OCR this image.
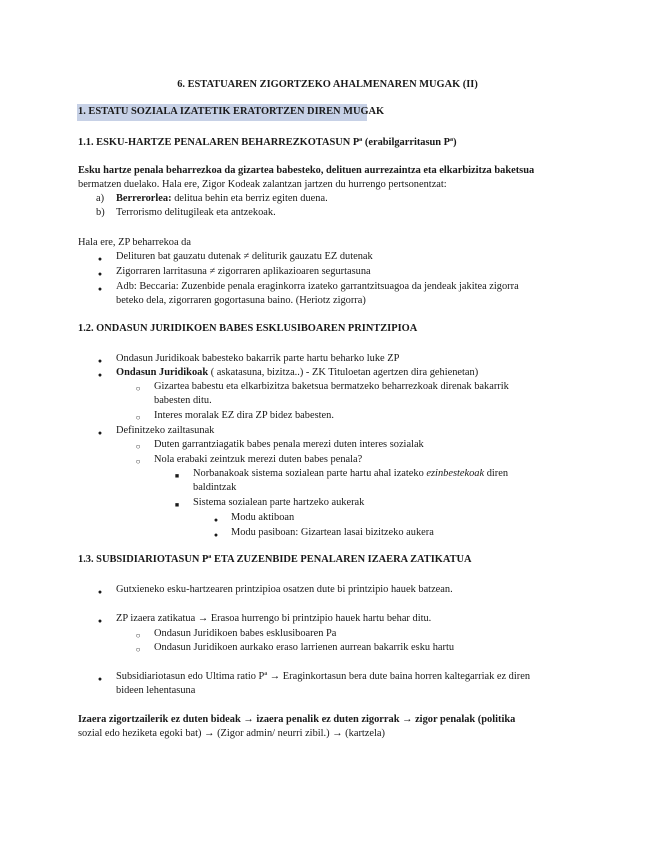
6. ESTATUAREN ZIGORTZEKO AHALMENAREN MUGAK (II)
1. ESTATU SOZIALA IZATETIK ERATORTZEN DIREN MUGAK
1.1. ESKU-HARTZE PENALAREN BEHARREZKOTASUN Pª (erabilgarritasun Pª)
Esku hartze penala beharrezkoa da gizartea babesteko, delituen aurrezaintza eta elkarbizitza baketsua
bermatzen duelako. Hala ere, Zigor Kodeak zalantzan jartzen du hurrengo pertsonentzat:
a) Berrerorlea: delitua behin eta berriz egiten duena.
b) Terrorismo delitugileak eta antzekoak.
Hala ere, ZP beharrekoa da
●
Delituren bat gauzatu dutenak ≠ deliturik gauzatu EZ dutenak
●
Zigorraren larritasuna ≠ zigorraren aplikazioaren segurtasuna
●
Adb: Beccaria: Zuzenbide penala eraginkorra izateko garrantzitsuagoa da jendeak jakitea zigorra
beteko dela, zigorraren gogortasuna baino. (Heriotz zigorra)
1.2. ONDASUN JURIDIKOEN BABES ESKLUSIBOAREN PRINTZIPIOA
●
Ondasun Juridikoak babesteko bakarrik parte hartu beharko luke ZP
●
Ondasun Juridikoak ( askatasuna, bizitza..) - ZK Tituloetan agertzen dira gehienetan)
○
Gizartea babestu eta elkarbizitza baketsua bermatzeko beharrezkoak direnak bakarrik
babesten ditu.
○
Interes moralak EZ dira ZP bidez babesten.
●
Definitzeko zailtasunak
○
Duten garrantziagatik babes penala merezi duten interes sozialak
○
Nola erabaki zeintzuk merezi duten babes penala?
■
Norbanakoak sistema sozialean parte hartu ahal izateko ezinbestekoak diren
baldintzak
■
Sistema sozialean parte hartzeko aukerak
●
Modu aktiboan
●
Modu pasiboan: Gizartean lasai bizitzeko aukera
1.3. SUBSIDIARIOTASUN Pª ETA ZUZENBIDE PENALAREN IZAERA ZATIKATUA
●
Gutxieneko esku-hartzearen printzipioa osatzen dute bi printzipio hauek batzean.
●
ZP izaera zatikatua → Erasoa hurrengo bi printzipio hauek hartu behar ditu.
○
Ondasun Juridikoen babes esklusiboaren Pa
○
Ondasun Juridikoen aurkako eraso larrienen aurrean bakarrik esku hartu
●
Subsidiariotasun edo Ultima ratio Pª → Eraginkortasun bera dute baina horren kaltegarriak ez diren
bideen lehentasuna
Izaera zigortzailerik ez duten bideak → izaera penalik ez duten zigorrak → zigor penalak (politika
sozial edo heziketa egoki bat) → (Zigor admin/ neurri zibil.) → (kartzela)
